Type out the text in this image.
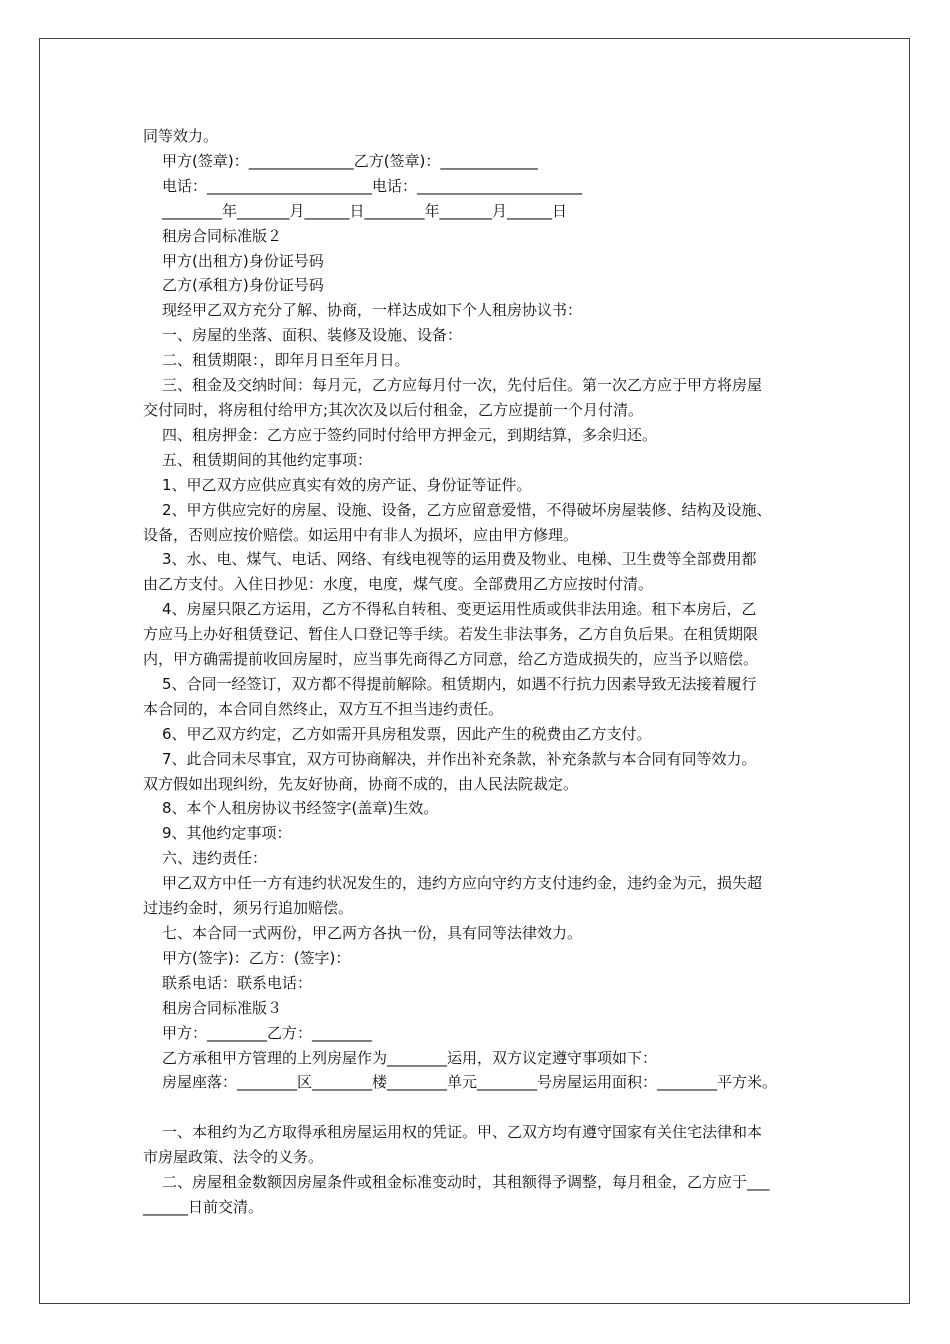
同等效力。

甲方(签章)：______________乙方(签章)：_____________

电话：______________________电话：______________________

________年_______月______日________年_______月______日

租房合同标准版２

甲方(出租方)身份证号码

乙方(承租方)身份证号码

现经甲乙双方充分了解、协商，一样达成如下个人租房协议书：

一、房屋的坐落、面积、装修及设施、设备：

二、租赁期限：，即年月日至年月日。

三、租金及交纳时间：每月元，乙方应每月付一次，先付后住。第一次乙方应于甲方将房屋

交付同时，将房租付给甲方;其次次及以后付租金，乙方应提前一个月付清。

四、租房押金：乙方应于签约同时付给甲方押金元，到期结算，多余归还。

五、租赁期间的其他约定事项：

1、甲乙双方应供应真实有效的房产证、身份证等证件。

2、甲方供应完好的房屋、设施、设备，乙方应留意爱惜，不得破坏房屋装修、结构及设施、

设备，否则应按价赔偿。如运用中有非人为损坏，应由甲方修理。

3、水、电、煤气、电话、网络、有线电视等的运用费及物业、电梯、卫生费等全部费用都

由乙方支付。入住日抄见：水度，电度，煤气度。全部费用乙方应按时付清。

4、房屋只限乙方运用，乙方不得私自转租、变更运用性质或供非法用途。租下本房后，乙

方应马上办好租赁登记、暂住人口登记等手续。若发生非法事务，乙方自负后果。在租赁期限

内，甲方确需提前收回房屋时，应当事先商得乙方同意，给乙方造成损失的，应当予以赔偿。

5、合同一经签订，双方都不得提前解除。租赁期内，如遇不行抗力因素导致无法接着履行

本合同的，本合同自然终止，双方互不担当违约责任。

6、甲乙双方约定，乙方如需开具房租发票，因此产生的税费由乙方支付。

7、此合同未尽事宜，双方可协商解决，并作出补充条款，补充条款与本合同有同等效力。

双方假如出现纠纷，先友好协商，协商不成的，由人民法院裁定。

8、本个人租房协议书经签字(盖章)生效。

9、其他约定事项：

六、违约责任：

甲乙双方中任一方有违约状况发生的，违约方应向守约方支付违约金，违约金为元，损失超

过违约金时，须另行追加赔偿。

七、本合同一式两份，甲乙两方各执一份，具有同等法律效力。

甲方(签字)：乙方：(签字)：

联系电话：联系电话：

租房合同标准版３

甲方：________乙方：________

乙方承租甲方管理的上列房屋作为________运用，双方议定遵守事项如下：

房屋座落：________区________楼________单元________号房屋运用面积：________平方米。

一、本租约为乙方取得承租房屋运用权的凭证。甲、乙双方均有遵守国家有关住宅法律和本

市房屋政策、法令的义务。

二、房屋租金数额因房屋条件或租金标准变动时，其租额得予调整，每月租金，乙方应于___

______日前交清。
